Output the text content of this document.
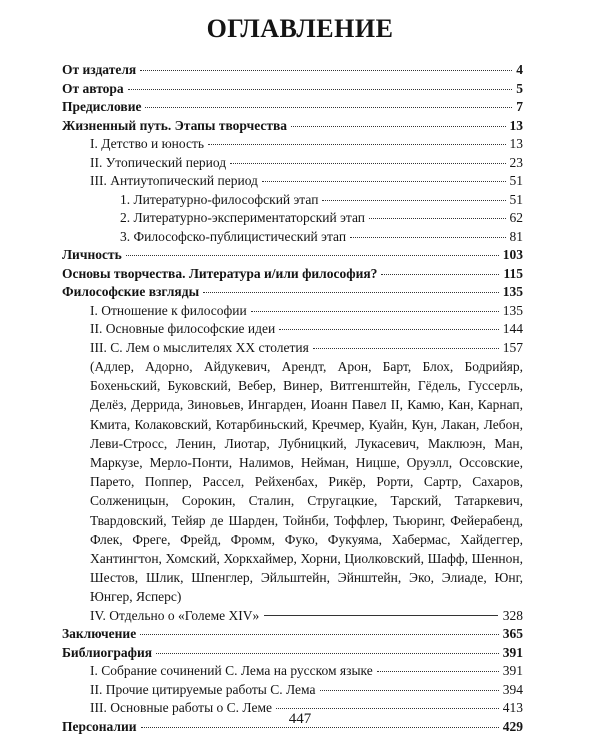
ОГЛАВЛЕНИЕ
От издателя	4
От автора	5
Предисловие	7
Жизненный путь. Этапы творчества	13
I. Детство и юность	13
II. Утопический период	23
III. Антиутопический период	51
1. Литературно-философский этап	51
2. Литературно-экспериментаторский этап	62
3. Философско-публицистический этап	81
Личность	103
Основы творчества. Литература и/или философия?	115
Философские взгляды	135
I. Отношение к философии	135
II. Основные философские идеи	144
III. С. Лем о мыслителях XX столетия	157
(Адлер, Адорно, Айдукевич, Арендт, Арон, Барт, Блох, Бодрийяр, Бохеньский, Буковский, Вебер, Винер, Витгенштейн, Гёдель, Гуссерль, Делёз, Деррида, Зиновьев, Ингарден, Иоанн Павел II, Камю, Кан, Карнап, Кмита, Колаковский, Котарбиньский, Кречмер, Куайн, Кун, Лакан, Лебон, Леви-Стросс, Ленин, Лиотар, Лубницкий, Лукасевич, Маклюэн, Ман, Маркузе, Мерло-Понти, Налимов, Нейман, Ницше, Оруэлл, Оссовские, Парето, Поппер, Рассел, Рейхенбах, Рикёр, Рорти, Сартр, Сахаров, Солженицын, Сорокин, Сталин, Стругацкие, Тарский, Татаркевич, Твардовский, Тейяр де Шарден, Тойнби, Тоффлер, Тьюринг, Фейерабенд, Флек, Фреге, Фрейд, Фромм, Фуко, Фукуяма, Хабермас, Хайдеггер, Хантингтон, Хомский, Хоркхаймер, Хорни, Циолковский, Шафф, Шеннон, Шестов, Шлик, Шпенглер, Эйльштейн, Эйнштейн, Эко, Элиаде, Юнг, Юнгер, Ясперс)
IV. Отдельно о «Големе XIV»	328
Заключение	365
Библиография	391
I. Собрание сочинений С. Лема на русском языке	391
II. Прочие цитируемые работы С. Лема	394
III. Основные работы о С. Леме	413
Персоналии	429
447
